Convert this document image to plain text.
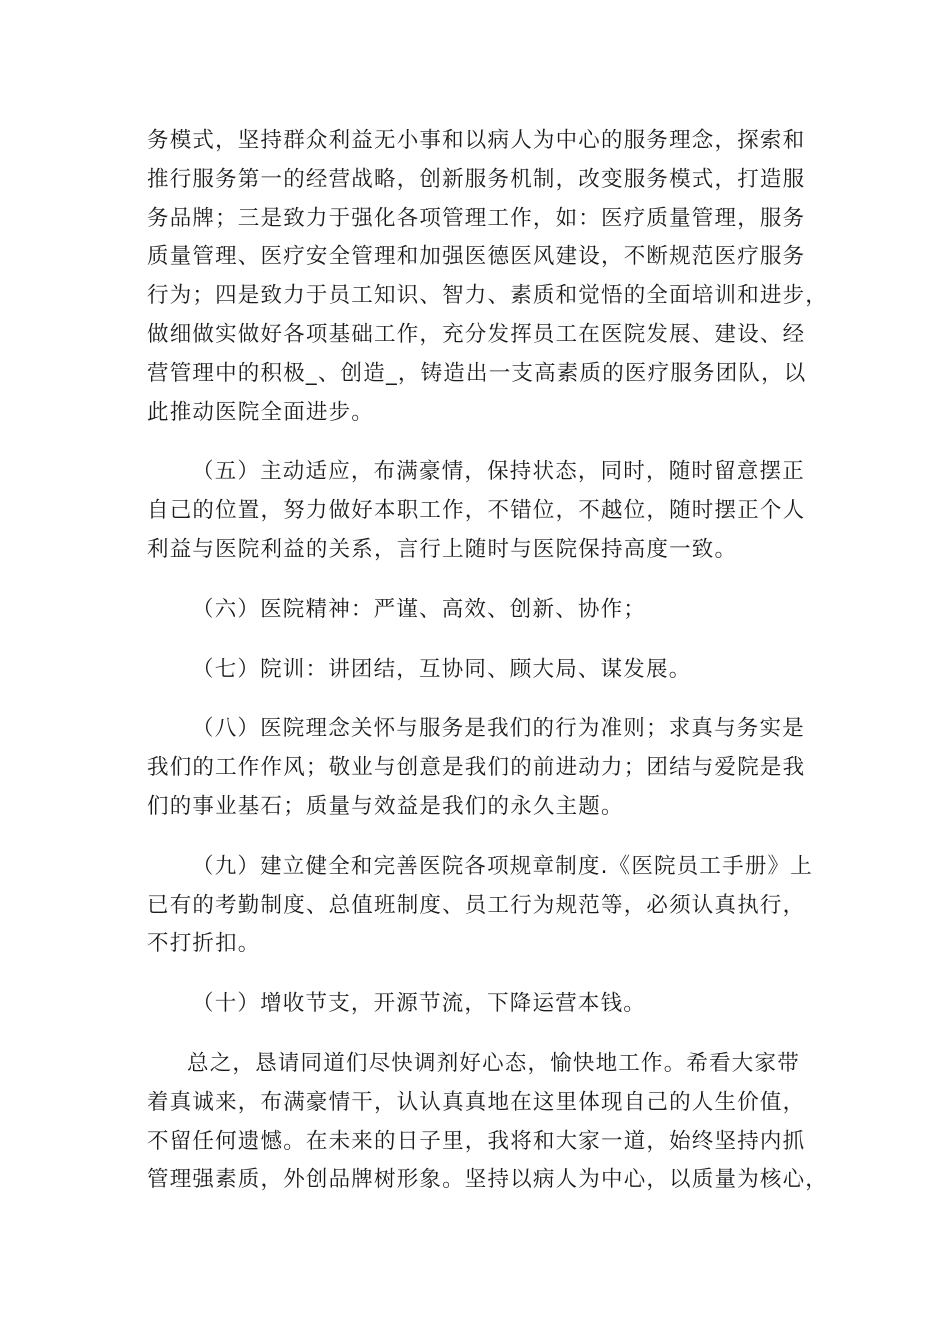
务模式，坚持群众利益无小事和以病人为中心的服务理念，探索和
推行服务第一的经营战略，创新服务机制，改变服务模式，打造服
务品牌；三是致力于强化各项管理工作，如：医疗质量管理，服务
质量管理、医疗安全管理和加强医德医风建设，不断规范医疗服务
行为；四是致力于员工知识、智力、素质和觉悟的全面培训和进步，
做细做实做好各项基础工作，充分发挥员工在医院发展、建设、经
营管理中的积极_、创造_，铸造出一支高素质的医疗服务团队，以
此推动医院全面进步。
（五）主动适应，布满豪情，保持状态，同时，随时留意摆正
自己的位置，努力做好本职工作，不错位，不越位，随时摆正个人
利益与医院利益的关系，言行上随时与医院保持高度一致。
（六）医院精神：严谨、高效、创新、协作；
（七）院训：讲团结，互协同、顾大局、谋发展。
（八）医院理念关怀与服务是我们的行为准则；求真与务实是
我们的工作作风；敬业与创意是我们的前进动力；团结与爱院是我
们的事业基石；质量与效益是我们的永久主题。
（九）建立健全和完善医院各项规章制度.《医院员工手册》上
已有的考勤制度、总值班制度、员工行为规范等，必须认真执行，
不打折扣。
（十）增收节支，开源节流，下降运营本钱。
总之，恳请同道们尽快调剂好心态，愉快地工作。希看大家带
着真诚来，布满豪情干，认认真真地在这里体现自己的人生价值，
不留任何遗憾。在未来的日子里，我将和大家一道，始终坚持内抓
管理强素质，外创品牌树形象。坚持以病人为中心，以质量为核心，
